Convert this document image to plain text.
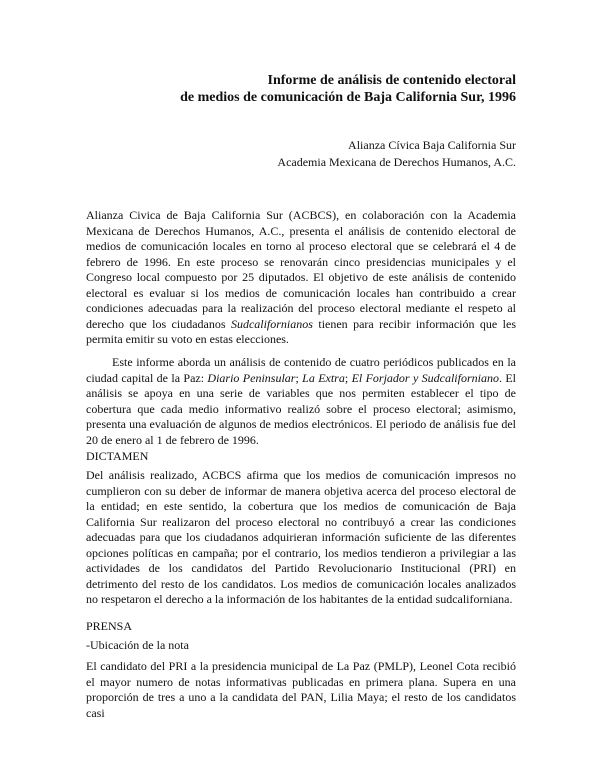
Informe de análisis de contenido electoral
de medios de comunicación de Baja California Sur, 1996
Alianza Cívica Baja California Sur
Academia Mexicana de Derechos Humanos, A.C.

Alianza Civica de Baja California Sur (ACBCS), en colaboración con la Academia Mexicana de Derechos Humanos, A.C., presenta el análisis de contenido electoral de medios de comunicación locales en torno al proceso electoral que se celebrará el 4 de febrero de 1996. En este proceso se renovarán cinco presidencias municipales y el Congreso local compuesto por 25 diputados. El objetivo de este análisis de contenido electoral es evaluar si los medios de comunicación locales han contribuido a crear condiciones adecuadas para la realización del proceso electoral mediante el respeto al derecho que los ciudadanos Sudcalifornianos tienen para recibir información que les permita emitir su voto en estas elecciones.

Este informe aborda un análisis de contenido de cuatro periódicos publicados en la ciudad capital de la Paz: Diario Peninsular; La Extra; El Forjador y Sudcaliforniano. El análisis se apoya en una serie de variables que nos permiten establecer el tipo de cobertura que cada medio informativo realizó sobre el proceso electoral; asimismo, presenta una evaluación de algunos de medios electrónicos. El periodo de análisis fue del 20 de enero al 1 de febrero de 1996.

DICTAMEN

Del análisis realizado, ACBCS afirma que los medios de comunicación impresos no cumplieron con su deber de informar de manera objetiva acerca del proceso electoral de la entidad; en este sentido, la cobertura que los medios de comunicación de Baja California Sur realizaron del proceso electoral no contribuyó a crear las condiciones adecuadas para que los ciudadanos adquirieran información suficiente de las diferentes opciones políticas en campaña; por el contrario, los medios tendieron a privilegiar a las actividades de los candidatos del Partido Revolucionario Institucional (PRI) en detrimento del resto de los candidatos. Los medios de comunicación locales analizados no respetaron el derecho a la información de los habitantes de la entidad sudcaliforniana.

PRENSA
-Ubicación de la nota

El candidato del PRI a la presidencia municipal de La Paz (PMLP), Leonel Cota recibió el mayor numero de notas informativas publicadas en primera plana. Supera en una proporción de tres a uno a la candidata del PAN, Lilia Maya; el resto de los candidatos casi
